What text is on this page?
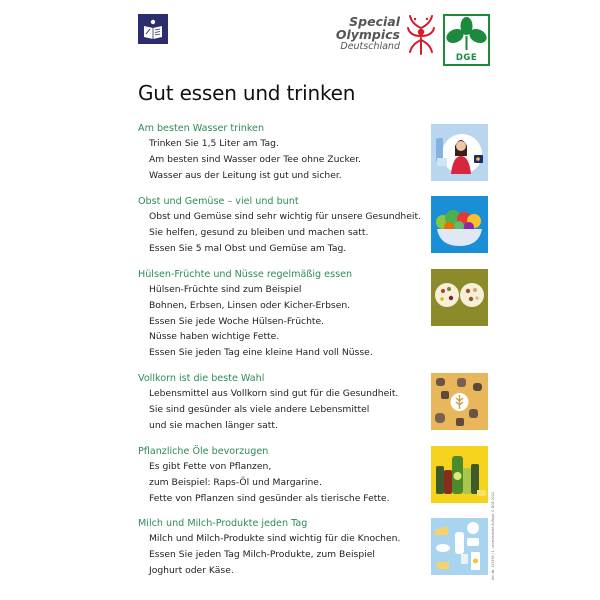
Special
Olympics
Deutschland
DGE
Gut essen und trinken
Am besten Wasser trinken

Trinken Sie 1,5 Liter am Tag.

Am besten sind Wasser oder Tee ohne Zucker.

Wasser aus der Leitung ist gut und sicher.

Obst und Gemüse – viel und bunt

Obst und Gemüse sind sehr wichtig für unsere Gesundheit.

Sie helfen, gesund zu bleiben und machen satt.

Essen Sie 5 mal Obst und Gemüse am Tag.

Hülsen-Früchte und Nüsse regelmäßig essen

Hülsen-Früchte sind zum Beispiel

Bohnen, Erbsen, Linsen oder Kicher-Erbsen.

Essen Sie jede Woche Hülsen-Früchte.

Nüsse haben wichtige Fette.

Essen Sie jeden Tag eine kleine Hand voll Nüsse.

Vollkorn ist die beste Wahl

Lebensmittel aus Vollkorn sind gut für die Gesundheit.

Sie sind gesünder als viele andere Lebensmittel

und sie machen länger satt.

Pflanzliche Öle bevorzugen

Es gibt Fette von Pflanzen,

zum Beispiel: Raps-Öl und Margarine.

Fette von Pflanzen sind gesünder als tierische Fette.

Milch und Milch-Produkte jeden Tag

Milch und Milch-Produkte sind wichtig für die Knochen.

Essen Sie jeden Tag Milch-Produkte, zum Beispiel

Joghurt oder Käse.	Art.-Nr. 123456 | 1. unveränderte Auflage © DGE 2024
